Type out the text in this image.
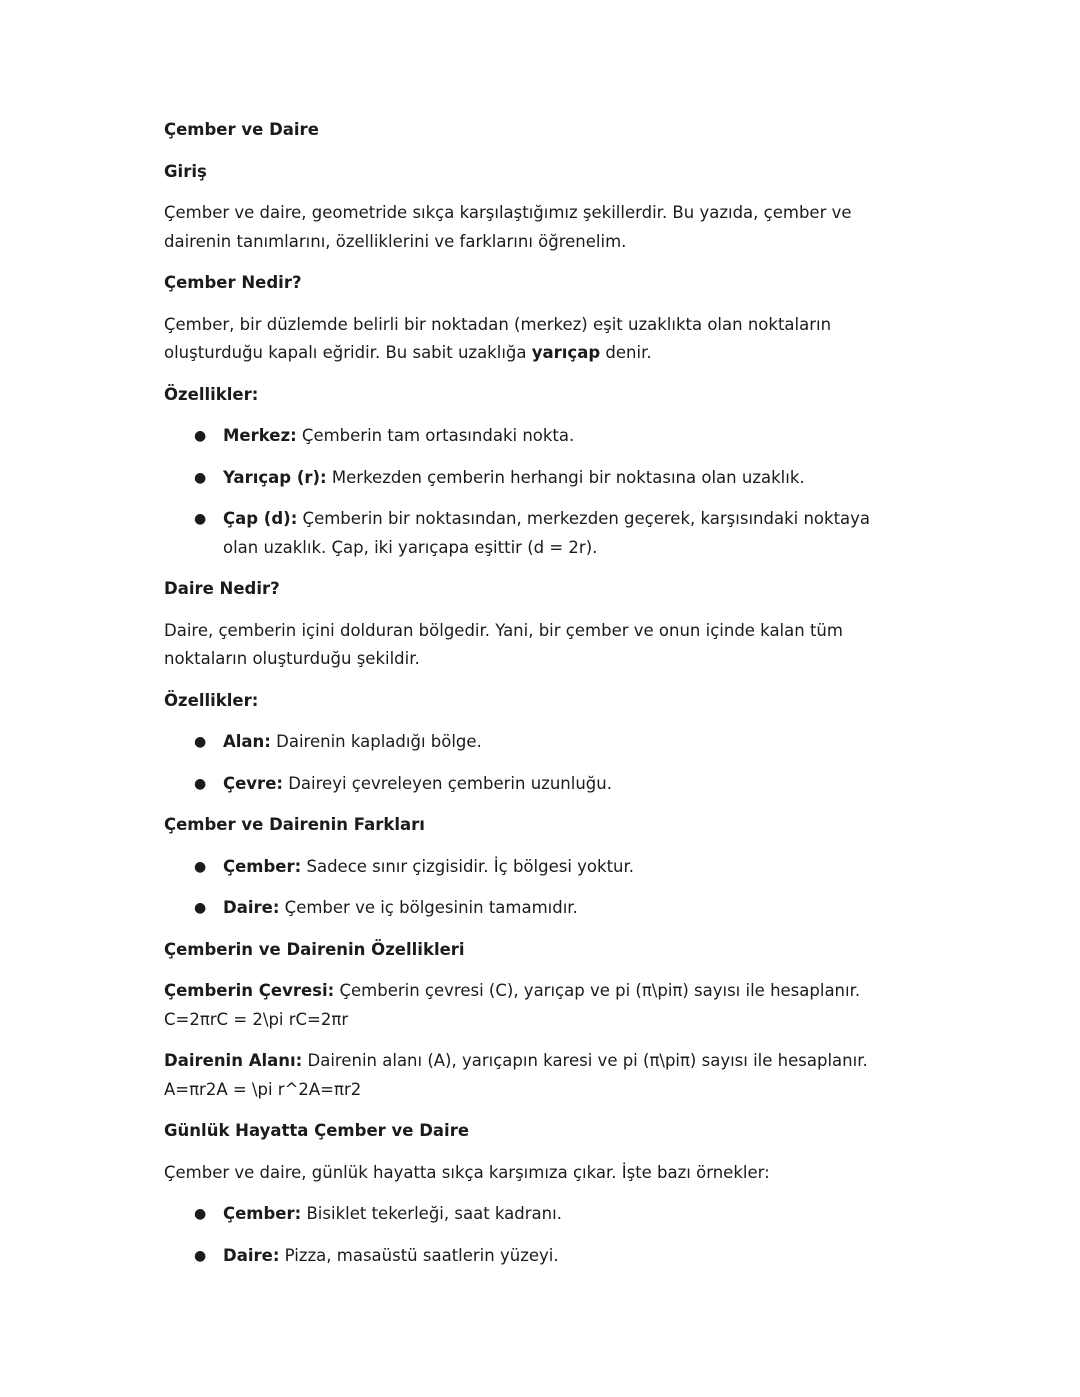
Çember ve Daire
Giriş
Çember ve daire, geometride sıkça karşılaştığımız şekillerdir. Bu yazıda, çember ve dairenin tanımlarını, özelliklerini ve farklarını öğrenelim.
Çember Nedir?
Çember, bir düzlemde belirli bir noktadan (merkez) eşit uzaklıkta olan noktaların oluşturduğu kapalı eğridir. Bu sabit uzaklığa yarıçap denir.
Özellikler:
● Merkez: Çemberin tam ortasındaki nokta.
● Yarıçap (r): Merkezden çemberin herhangi bir noktasına olan uzaklık.
● Çap (d): Çemberin bir noktasından, merkezden geçerek, karşısındaki noktaya olan uzaklık. Çap, iki yarıçapa eşittir (d = 2r).
Daire Nedir?
Daire, çemberin içini dolduran bölgedir. Yani, bir çember ve onun içinde kalan tüm noktaların oluşturduğu şekildir.
Özellikler:
● Alan: Dairenin kapladığı bölge.
● Çevre: Daireyi çevreleyen çemberin uzunluğu.
Çember ve Dairenin Farkları
● Çember: Sadece sınır çizgisidir. İç bölgesi yoktur.
● Daire: Çember ve iç bölgesinin tamamıdır.
Çemberin ve Dairenin Özellikleri
Çemberin Çevresi: Çemberin çevresi (C), yarıçap ve pi (π\piπ) sayısı ile hesaplanır. C=2πrC = 2\pi rC=2πr
Dairenin Alanı: Dairenin alanı (A), yarıçapın karesi ve pi (π\piπ) sayısı ile hesaplanır. A=πr2A = \pi r^2A=πr2
Günlük Hayatta Çember ve Daire
Çember ve daire, günlük hayatta sıkça karşımıza çıkar. İşte bazı örnekler:
● Çember: Bisiklet tekerleği, saat kadranı.
● Daire: Pizza, masaüstü saatlerin yüzeyi.
